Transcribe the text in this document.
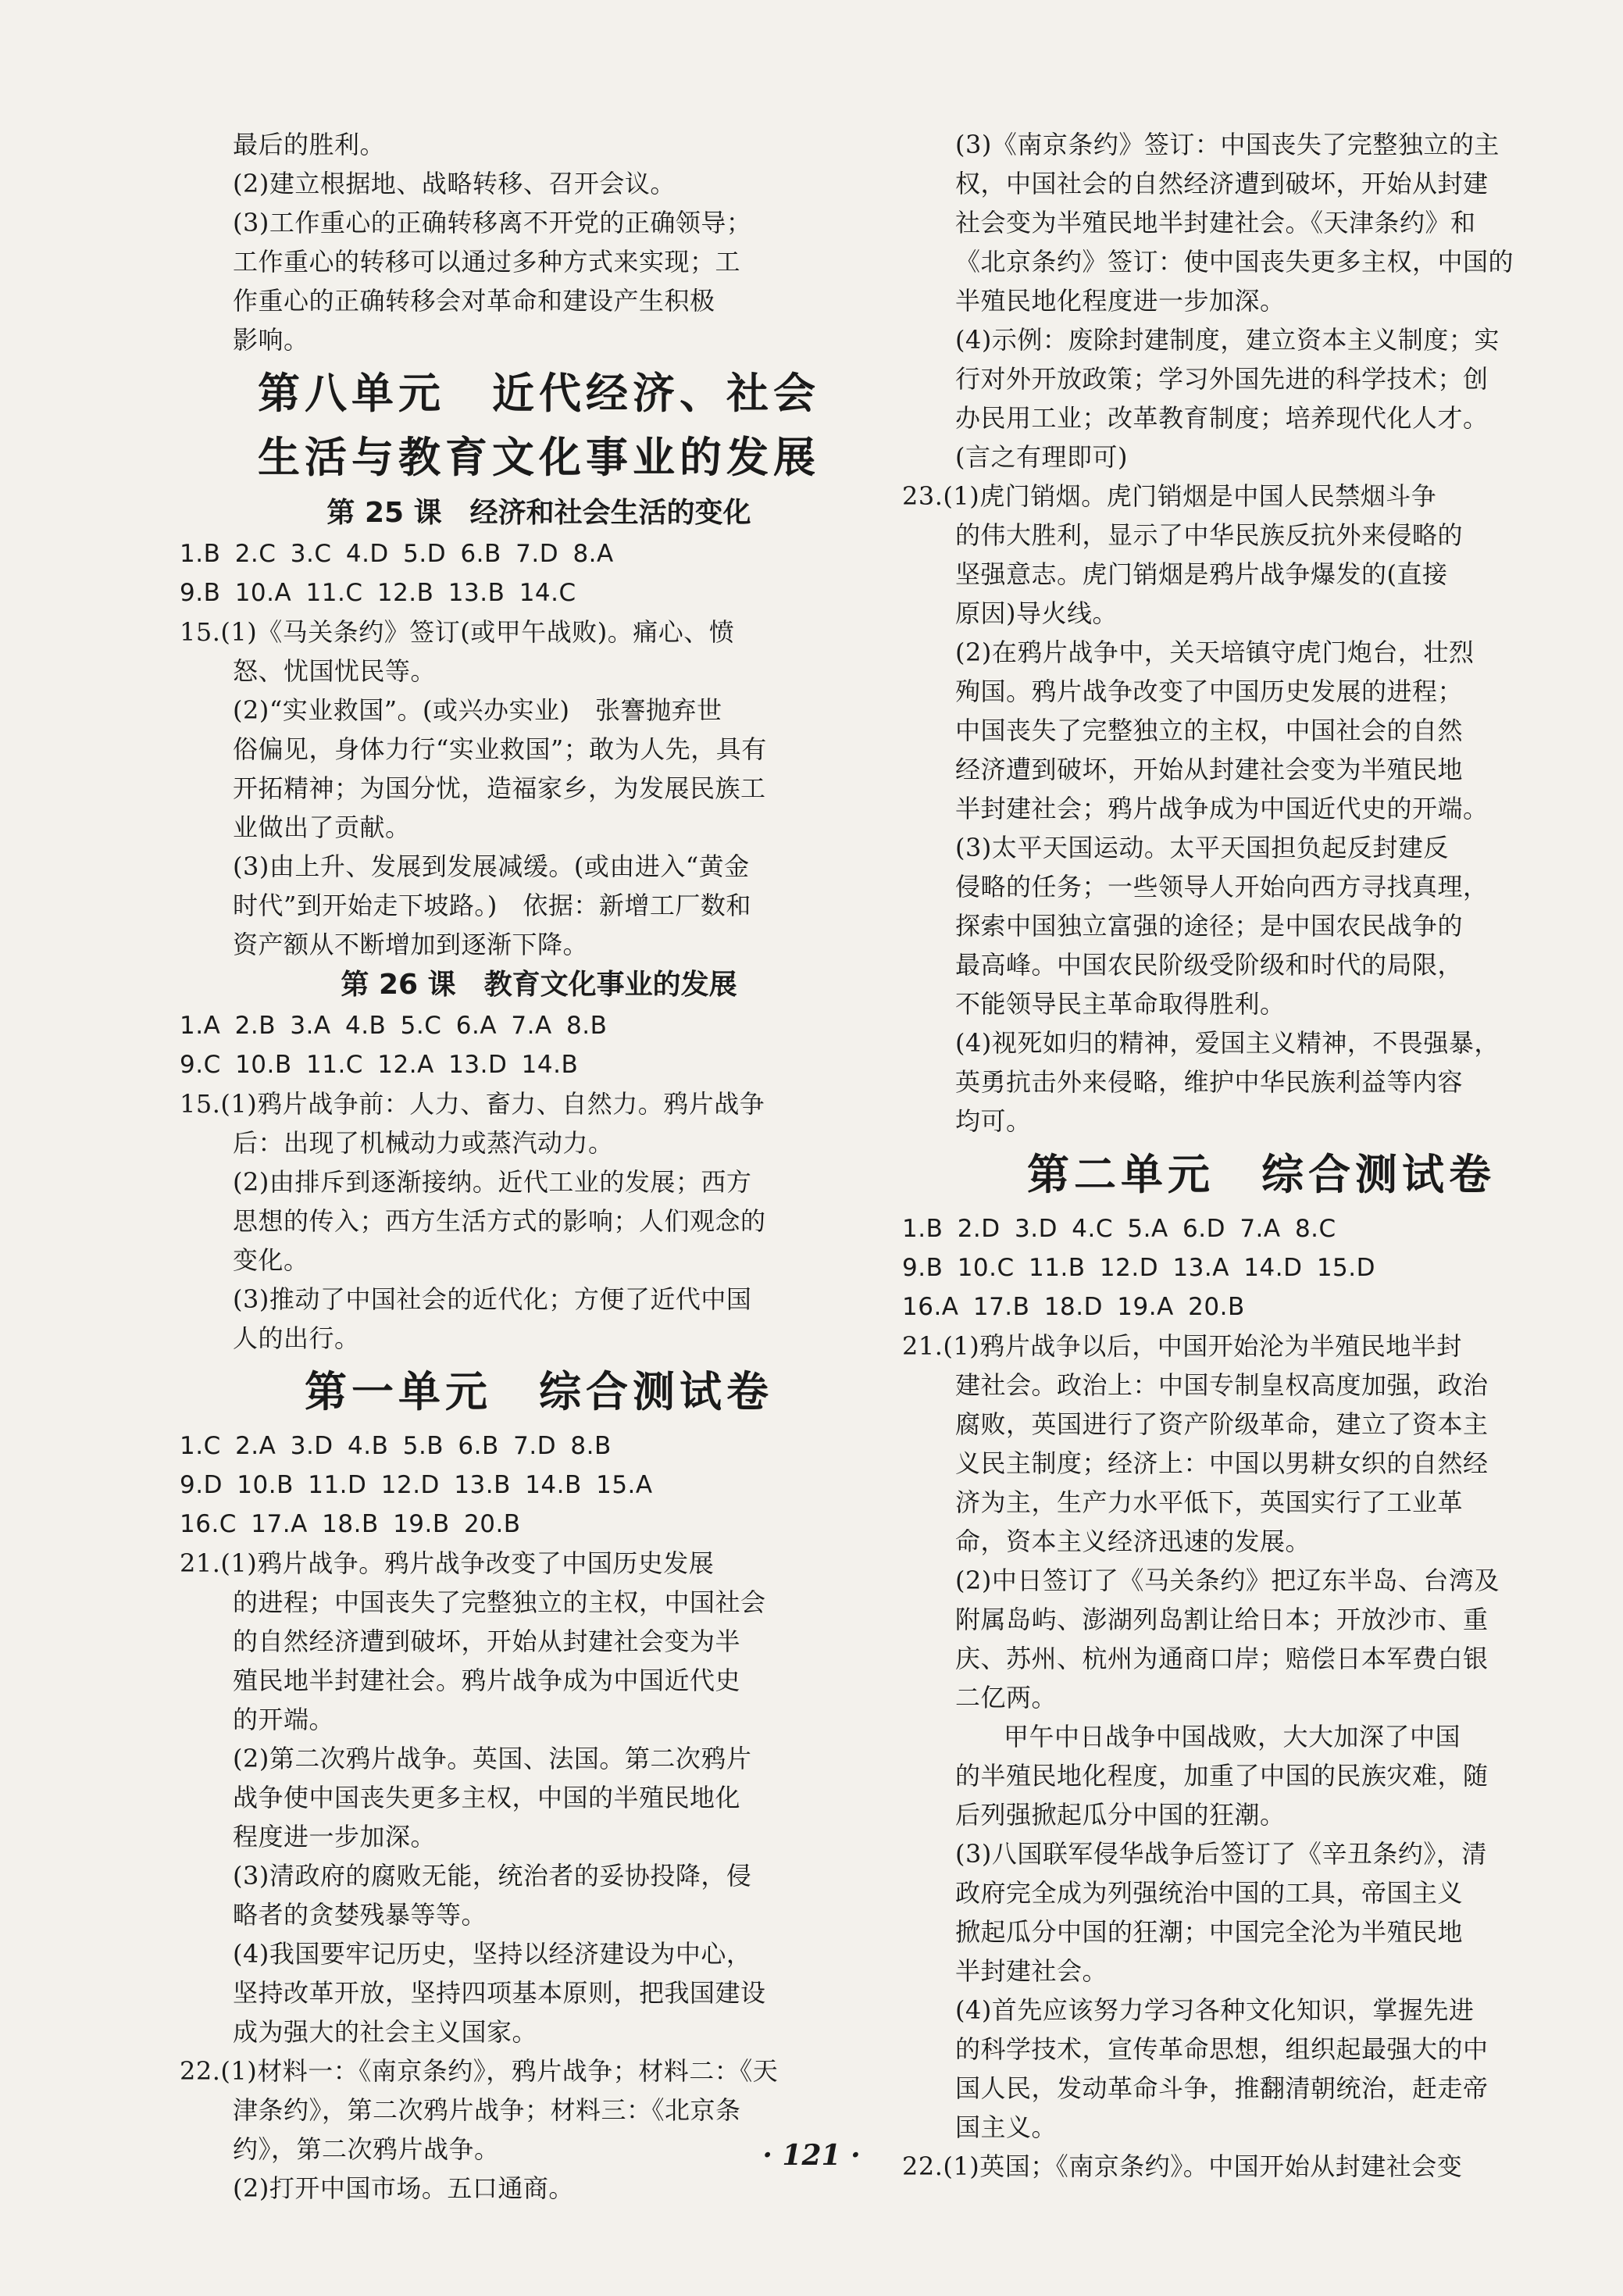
最后的胜利。
(2)建立根据地、战略转移、召开会议。
(3)工作重心的正确转移离不开党的正确领导；
工作重心的转移可以通过多种方式来实现；工
作重心的正确转移会对革命和建设产生积极
影响。
第八单元　近代经济、社会
生活与教育文化事业的发展
第 25 课　经济和社会生活的变化
1.B 2.C 3.C 4.D 5.D 6.B 7.D 8.A
9.B 10.A 11.C 12.B 13.B 14.C
15.(1)《马关条约》签订(或甲午战败)。痛心、愤
怒、忧国忧民等。
(2)“实业救国”。(或兴办实业)　张謇抛弃世
俗偏见，身体力行“实业救国”；敢为人先，具有
开拓精神；为国分忧，造福家乡，为发展民族工
业做出了贡献。
(3)由上升、发展到发展减缓。(或由进入“黄金
时代”到开始走下坡路。)　依据：新增工厂数和
资产额从不断增加到逐渐下降。
第 26 课　教育文化事业的发展
1.A 2.B 3.A 4.B 5.C 6.A 7.A 8.B
9.C 10.B 11.C 12.A 13.D 14.B
15.(1)鸦片战争前：人力、畜力、自然力。鸦片战争
后：出现了机械动力或蒸汽动力。
(2)由排斥到逐渐接纳。近代工业的发展；西方
思想的传入；西方生活方式的影响；人们观念的
变化。
(3)推动了中国社会的近代化；方便了近代中国
人的出行。
第一单元　综合测试卷
1.C 2.A 3.D 4.B 5.B 6.B 7.D 8.B
9.D 10.B 11.D 12.D 13.B 14.B 15.A
16.C 17.A 18.B 19.B 20.B
21.(1)鸦片战争。鸦片战争改变了中国历史发展
的进程；中国丧失了完整独立的主权，中国社会
的自然经济遭到破坏，开始从封建社会变为半
殖民地半封建社会。鸦片战争成为中国近代史
的开端。
(2)第二次鸦片战争。英国、法国。第二次鸦片
战争使中国丧失更多主权，中国的半殖民地化
程度进一步加深。
(3)清政府的腐败无能，统治者的妥协投降，侵
略者的贪婪残暴等等。
(4)我国要牢记历史，坚持以经济建设为中心，
坚持改革开放，坚持四项基本原则，把我国建设
成为强大的社会主义国家。
22.(1)材料一：《南京条约》，鸦片战争；材料二：《天
津条约》，第二次鸦片战争；材料三：《北京条
约》，第二次鸦片战争。
(2)打开中国市场。五口通商。
(3)《南京条约》签订：中国丧失了完整独立的主
权，中国社会的自然经济遭到破坏，开始从封建
社会变为半殖民地半封建社会。《天津条约》和
《北京条约》签订：使中国丧失更多主权，中国的
半殖民地化程度进一步加深。
(4)示例：废除封建制度，建立资本主义制度；实
行对外开放政策；学习外国先进的科学技术；创
办民用工业；改革教育制度；培养现代化人才。
(言之有理即可)
23.(1)虎门销烟。虎门销烟是中国人民禁烟斗争
的伟大胜利，显示了中华民族反抗外来侵略的
坚强意志。虎门销烟是鸦片战争爆发的(直接
原因)导火线。
(2)在鸦片战争中，关天培镇守虎门炮台，壮烈
殉国。鸦片战争改变了中国历史发展的进程；
中国丧失了完整独立的主权，中国社会的自然
经济遭到破坏，开始从封建社会变为半殖民地
半封建社会；鸦片战争成为中国近代史的开端。
(3)太平天国运动。太平天国担负起反封建反
侵略的任务；一些领导人开始向西方寻找真理，
探索中国独立富强的途径；是中国农民战争的
最高峰。中国农民阶级受阶级和时代的局限，
不能领导民主革命取得胜利。
(4)视死如归的精神，爱国主义精神，不畏强暴，
英勇抗击外来侵略，维护中华民族利益等内容
均可。
第二单元　综合测试卷
1.B 2.D 3.D 4.C 5.A 6.D 7.A 8.C
9.B 10.C 11.B 12.D 13.A 14.D 15.D
16.A 17.B 18.D 19.A 20.B
21.(1)鸦片战争以后，中国开始沦为半殖民地半封
建社会。政治上：中国专制皇权高度加强，政治
腐败，英国进行了资产阶级革命，建立了资本主
义民主制度；经济上：中国以男耕女织的自然经
济为主，生产力水平低下，英国实行了工业革
命，资本主义经济迅速的发展。
(2)中日签订了《马关条约》把辽东半岛、台湾及
附属岛屿、澎湖列岛割让给日本；开放沙市、重
庆、苏州、杭州为通商口岸；赔偿日本军费白银
二亿两。
甲午中日战争中国战败，大大加深了中国
的半殖民地化程度，加重了中国的民族灾难，随
后列强掀起瓜分中国的狂潮。
(3)八国联军侵华战争后签订了《辛丑条约》，清
政府完全成为列强统治中国的工具，帝国主义
掀起瓜分中国的狂潮；中国完全沦为半殖民地
半封建社会。
(4)首先应该努力学习各种文化知识，掌握先进
的科学技术，宣传革命思想，组织起最强大的中
国人民，发动革命斗争，推翻清朝统治，赶走帝
国主义。
22.(1)英国；《南京条约》。中国开始从封建社会变
· 121 ·
